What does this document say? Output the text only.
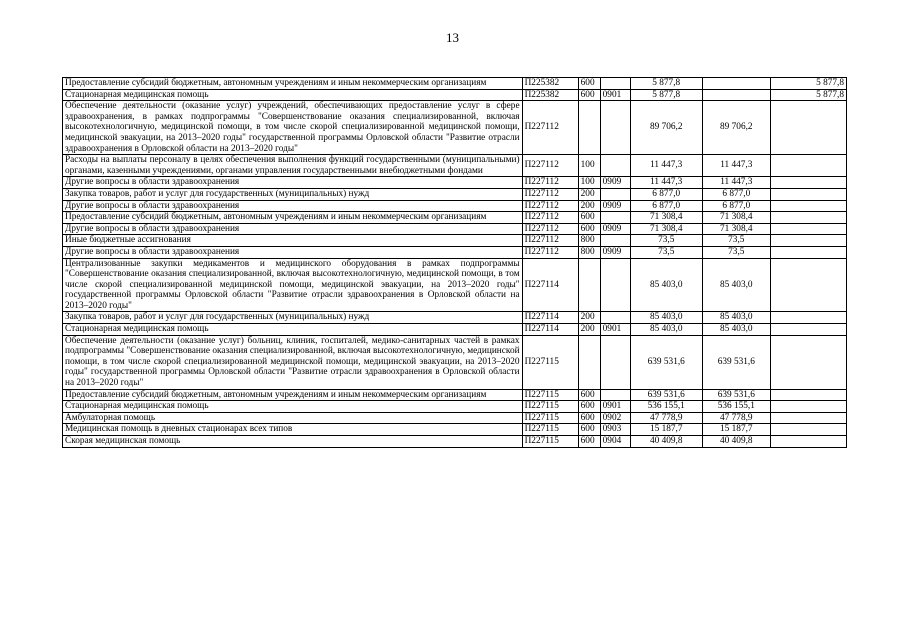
13
Предоставление субсидий бюджетным, автономным учреждениям и иным некоммерческим организациям	П225382	600		5 877,8		5 877,8
Стационарная медицинская помощь	П225382	600	0901	5 877,8		5 877,8
Обеспечение деятельности (оказание услуг) учреждений, обеспечивающих предоставление услуг в сфере здравоохранения, в рамках подпрограммы "Совершенствование оказания специализированной, включая высокотехнологичную, медицинской помощи, в том числе скорой специализированной медицинской помощи, медицинской эвакуации, на 2013–2020 годы" государственной программы Орловской области "Развитие отрасли здравоохранения в Орловской области на 2013–2020 годы"	П227112			89 706,2	89 706,2	
Расходы на выплаты персоналу в целях обеспечения выполнения функций государственными (муниципальными) органами, казенными учреждениями, органами управления государственными внебюджетными фондами	П227112	100		11 447,3	11 447,3	
Другие вопросы в области здравоохранения	П227112	100	0909	11 447,3	11 447,3	
Закупка товаров, работ и услуг для государственных (муниципальных) нужд	П227112	200		6 877,0	6 877,0	
Другие вопросы в области здравоохранения	П227112	200	0909	6 877,0	6 877,0	
Предоставление субсидий бюджетным, автономным учреждениям и иным некоммерческим организациям	П227112	600		71 308,4	71 308,4	
Другие вопросы в области здравоохранения	П227112	600	0909	71 308,4	71 308,4	
Иные бюджетные ассигнования	П227112	800		73,5	73,5	
Другие вопросы в области здравоохранения	П227112	800	0909	73,5	73,5	
Централизованные закупки медикаментов и медицинского оборудования в рамках подпрограммы "Совершенствование оказания специализированной, включая высокотехнологичную, медицинской помощи, в том числе скорой специализированной медицинской помощи, медицинской эвакуации, на 2013–2020 годы" государственной программы Орловской области "Развитие отрасли здравоохранения в Орловской области на 2013–2020 годы"	П227114			85 403,0	85 403,0	
Закупка товаров, работ и услуг для государственных (муниципальных) нужд	П227114	200		85 403,0	85 403,0	
Стационарная медицинская помощь	П227114	200	0901	85 403,0	85 403,0	
Обеспечение деятельности (оказание услуг) больниц, клиник, госпиталей, медико-санитарных частей в рамках подпрограммы "Совершенствование оказания специализированной, включая высокотехнологичную, медицинской помощи, в том числе скорой специализированной медицинской помощи, медицинской эвакуации, на 2013–2020 годы" государственной программы Орловской области "Развитие отрасли здравоохранения в Орловской области на 2013–2020 годы"	П227115			639 531,6	639 531,6	
Предоставление субсидий бюджетным, автономным учреждениям и иным некоммерческим организациям	П227115	600		639 531,6	639 531,6	
Стационарная медицинская помощь	П227115	600	0901	536 155,1	536 155,1	
Амбулаторная помощь	П227115	600	0902	47 778,9	47 778,9	
Медицинская помощь в дневных стационарах всех типов	П227115	600	0903	15 187,7	15 187,7	
Скорая медицинская помощь	П227115	600	0904	40 409,8	40 409,8	
